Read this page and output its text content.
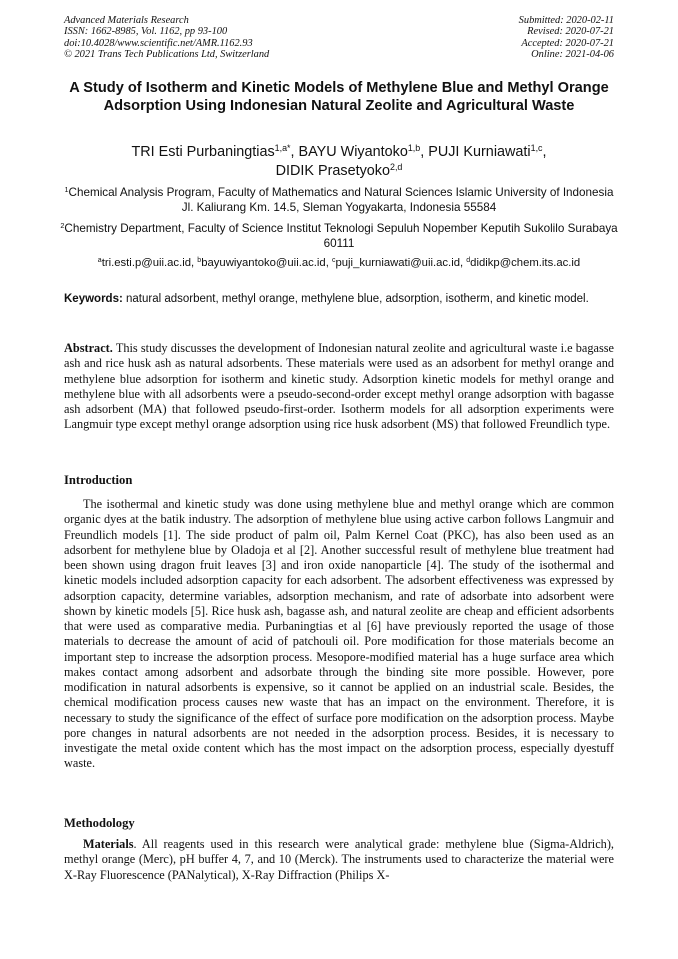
Advanced Materials Research
ISSN: 1662-8985, Vol. 1162, pp 93-100
doi:10.4028/www.scientific.net/AMR.1162.93
© 2021 Trans Tech Publications Ltd, Switzerland
Submitted: 2020-02-11
Revised: 2020-07-21
Accepted: 2020-07-21
Online: 2021-04-06
A Study of Isotherm and Kinetic Models of Methylene Blue and Methyl Orange Adsorption Using Indonesian Natural Zeolite and Agricultural Waste
TRI Esti Purbaningtias$^{1,a*}$, BAYU Wiyantoko$^{1,b}$, PUJI Kurniawati$^{1,c}$,
DIDIK Prasetyoko$^{2,d}$
$^1$Chemical Analysis Program, Faculty of Mathematics and Natural Sciences Islamic University of Indonesia Jl. Kaliurang Km. 14.5, Sleman Yogyakarta, Indonesia 55584
$^2$Chemistry Department, Faculty of Science Institut Teknologi Sepuluh Nopember Keputih Sukolilo Surabaya 60111
$^a$tri.esti.p@uii.ac.id, $^b$bayuwiyantoko@uii.ac.id, $^c$puji_kurniawati@uii.ac.id, $^d$didikp@chem.its.ac.id
Keywords: natural adsorbent, methyl orange, methylene blue, adsorption, isotherm, and kinetic model.

Abstract. This study discusses the development of Indonesian natural zeolite and agricultural waste i.e bagasse ash and rice husk ash as natural adsorbents. These materials were used as an adsorbent for methyl orange and methylene blue adsorption for isotherm and kinetic study. Adsorption kinetic models for methyl orange and methylene blue with all adsorbents were a pseudo-second-order except methyl orange adsorption with bagasse ash adsorbent (MA) that followed pseudo-first-order. Isotherm models for all adsorption experiments were Langmuir type except methyl orange adsorption using rice husk adsorbent (MS) that followed Freundlich type.

Introduction

The isothermal and kinetic study was done using methylene blue and methyl orange which are common organic dyes at the batik industry. The adsorption of methylene blue using active carbon follows Langmuir and Freundlich models [1]. The side product of palm oil, Palm Kernel Coat (PKC), has also been used as an adsorbent for methylene blue by Oladoja et al [2]. Another successful result of methylene blue treatment had been shown using dragon fruit leaves [3] and iron oxide nanoparticle [4]. The study of the isothermal and kinetic models included adsorption capacity for each adsorbent. The adsorbent effectiveness was expressed by adsorption capacity, determine variables, adsorption mechanism, and rate of adsorbate into adsorbent were shown by kinetic models [5]. Rice husk ash, bagasse ash, and natural zeolite are cheap and efficient adsorbents that were used as comparative media. Purbaningtias et al [6] have previously reported the usage of those materials to decrease the amount of acid of patchouli oil. Pore modification for those materials become an important step to increase the adsorption process. Mesopore-modified material has a huge surface area which makes contact among adsorbent and adsorbate through the binding site more possible. However, pore modification in natural adsorbents is expensive, so it cannot be applied on an industrial scale. Besides, the chemical modification process causes new waste that has an impact on the environment. Therefore, it is necessary to study the significance of the effect of surface pore modification on the adsorption process. Maybe pore changes in natural adsorbents are not needed in the adsorption process. Besides, it is necessary to investigate the metal oxide content which has the most impact on the adsorption process, especially dyestuff waste.

Methodology

Materials. All reagents used in this research were analytical grade: methylene blue (Sigma-Aldrich), methyl orange (Merc), pH buffer 4, 7, and 10 (Merck). The instruments used to characterize the material were X-Ray Fluorescence (PANalytical), X-Ray Diffraction (Philips X-
